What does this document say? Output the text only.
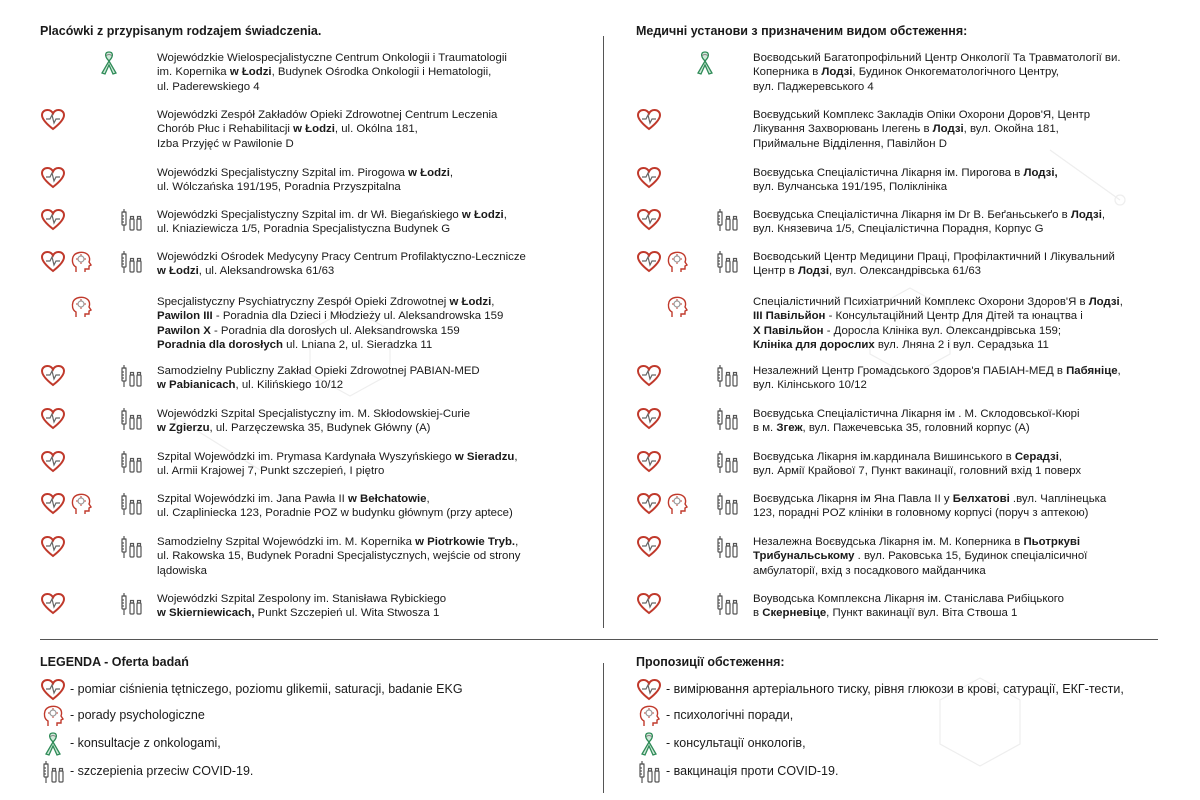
Placówki z przypisanym rodzajem świadczenia.
Wojewódzkie Wielospecjalistyczne Centrum Onkologii i Traumatologii
im. Kopernika w Łodzi, Budynek Ośrodka Onkologii i Hematologii,
ul. Paderewskiego 4
Wojewódzki Zespół Zakładów Opieki Zdrowotnej Centrum Leczenia
Chorób Płuc i Rehabilitacji w Łodzi, ul. Okólna 181,
Izba Przyjęć w Pawilonie D
Wojewódzki Specjalistyczny Szpital im. Pirogowa w Łodzi,
ul. Wólczańska 191/195, Poradnia Przyszpitalna
Wojewódzki Specjalistyczny Szpital im. dr Wł. Biegańskiego w Łodzi,
ul. Kniaziewicza 1/5, Poradnia Specjalistyczna Budynek G
Wojewódzki Ośrodek Medycyny Pracy Centrum Profilaktyczno-Lecznicze
w Łodzi, ul. Aleksandrowska 61/63
Specjalistyczny Psychiatryczny Zespół Opieki Zdrowotnej w Łodzi,
Pawilon III - Poradnia dla Dzieci i Młodzieży ul. Aleksandrowska 159
Pawilon X - Poradnia dla dorosłych ul. Aleksandrowska 159
Poradnia dla dorosłych ul. Lniana 2, ul. Sieradzka 11
Samodzielny Publiczny Zakład Opieki Zdrowotnej PABIAN-MED
w Pabianicach, ul. Kilińskiego 10/12
Wojewódzki Szpital Specjalistyczny im. M. Skłodowskiej-Curie
w Zgierzu, ul. Parzęczewska 35, Budynek Główny (A)
Szpital Wojewódzki im. Prymasa Kardynała Wyszyńskiego w Sieradzu,
ul. Armii Krajowej 7, Punkt szczepień, I piętro
Szpital Wojewódzki im. Jana Pawła II w Bełchatowie,
ul. Czaplinieckа 123, Poradnie POZ w budynku głównym (przy aptece)
Samodzielny Szpital Wojewódzki im. M. Kopernika w Piotrkowie Tryb.,
ul. Rakowska 15, Budynek Poradni Specjalistycznych, wejście od strony
lądowiska
Wojewódzki Szpital Zespolony im. Stanisława Rybickiego
w Skierniewicach, Punkt Szczepień ul. Wita Stwosza 1
Медичні установи з призначеним видом обстеження:
Воєводський Багатопрофільний Центр Онкології Та Травматології ви.
Коперника в Лодзі, Будинок Онкогематологічного Центру,
вул. Паджеревського 4
Воєвудський Комплекс Закладів Опіки Охорони Доров'Я, Центр
Лікування Захворювань Ілегень в Лодзі, вул. Окойна 181,
Приймальне Відділення, Павілйон D
Воєвудська Спеціалістична Лікарня ім. Пирогова в Лодзі,
вул. Вулчанська 191/195, Поліклініка
Воєвудська Спеціалістична Лікарня ім Dr В. Беґаньськеґо в Лодзі,
вул. Князевича 1/5, Спеціалістична Порадня, Корпус G
Воєводський Центр Медицини Праці, Профілактичний І Лікувальний
Центр в Лодзі, вул. Олександрівська 61/63
Спеціалістичний Психіатричний Комплекс Охорони Здоров'Я в Лодзі,
ІІІ Павільйон - Консультаційний Центр Для Дітей та юнацтва і
Х Павільйон - Доросла Клініка вул. Олександрівська 159;
Клініка для дорослих вул. Лняна 2 і вул. Серадзька 11
Незалежний Центр Громадського Здоров'я ПАБІАН-МЕД в Пабяніце,
вул. Кілінського 10/12
Воєвудська Спеціалістична Лікарня ім . М. Склодовської-Кюрі
в м. Згеж, вул. Пажечевська 35, головний корпус (А)
Воєвудська Лікарня ім.кардинала Вишинського в Серадзі,
вул. Армії Крайової 7, Пункт вакинації, головний вхід 1 поверх
Воєвудська Лікарня ім Яна Павла II у Белхатові .вул. Чаплінецька
123, порадні POZ клініки в головному корпусі (поруч з аптекою)
Незалежна Воєвудська Лікарня ім. М. Коперника в Пьотркуві
Трибунальському . вул. Раковська 15, Будинок спеціалісичної
амбулаторії, вхід з посадкового майданчика
Воуводська Комплексна Лікарня ім. Станіслава Рибіцького
в Скерневіце, Пункт вакинації вул. Віта Ствоша 1
LEGENDA - Oferta badań	Пропозиції обстеження:
- pomiar ciśnienia tętniczego, poziomu glikemii, saturacji, badanie EKG
- porady psychologiczne
- konsultacje z onkologami,
- szczepienia przeciw COVID-19.
- вимірювання артеріального тиску, рівня глюкози в крові, сатурації, ЕКГ-тести,
- психологічні поради,
- консультації онкологів,
- вакцинація проти COVID-19.
